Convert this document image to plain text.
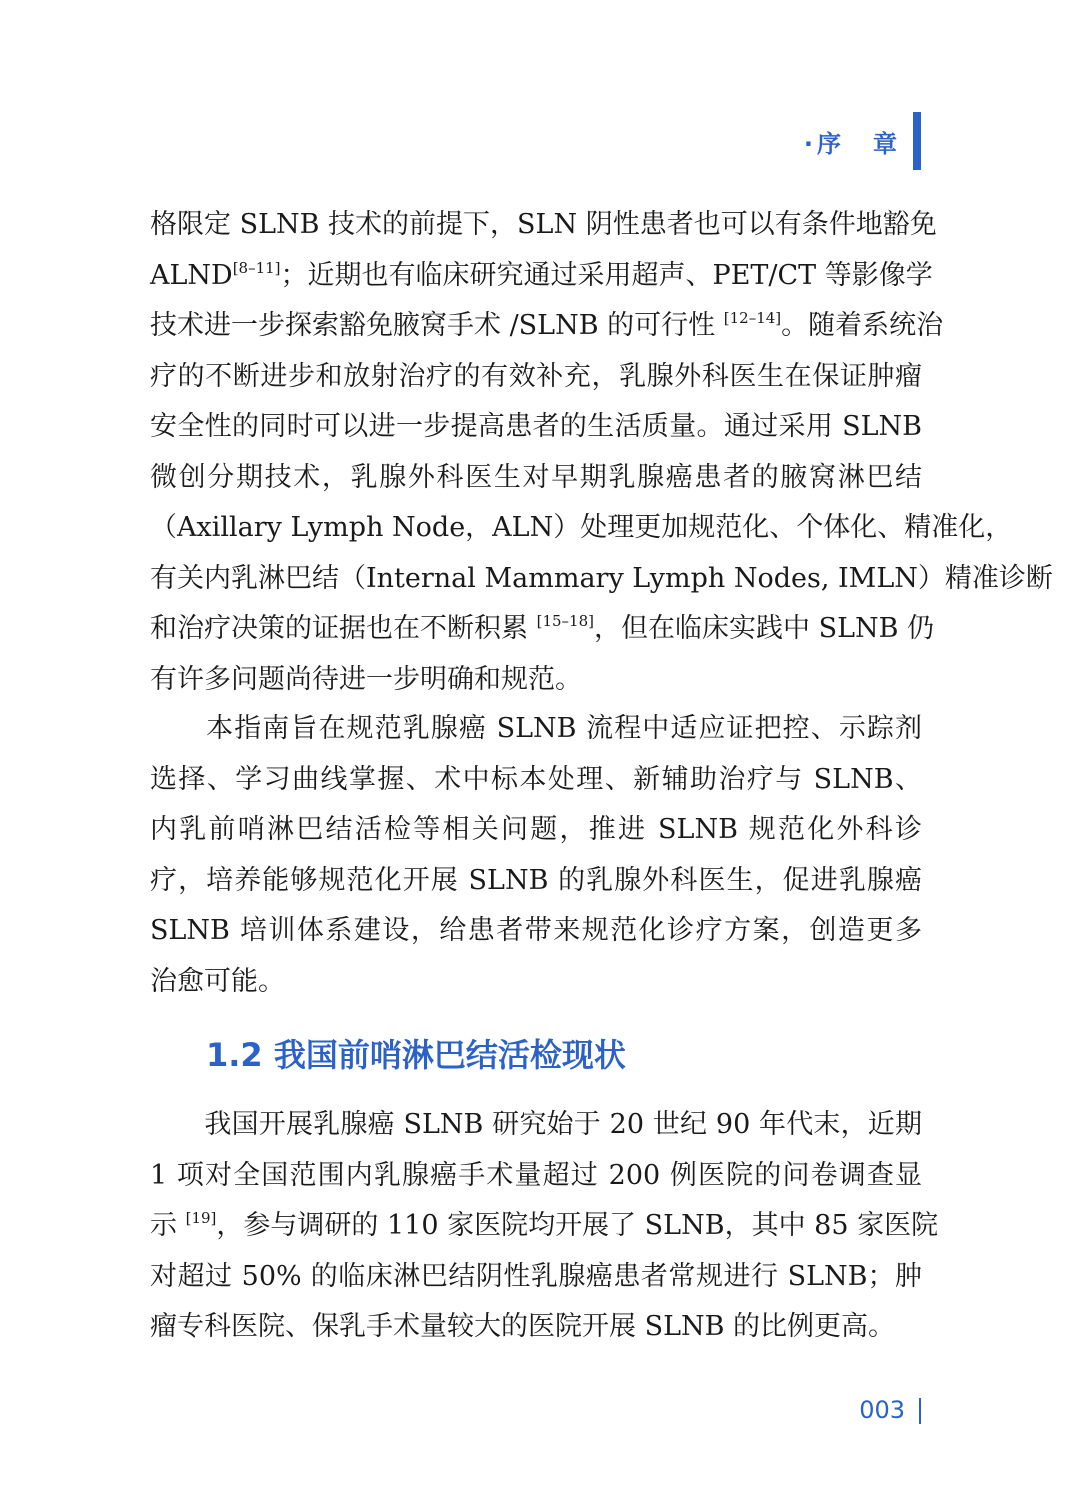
·序　章
格限定 SLNB 技术的前提下，SLN 阴性患者也可以有条件地豁免
ALND[8–11]；近期也有临床研究通过采用超声、PET/CT 等影像学
技术进一步探索豁免腋窝手术 /SLNB 的可行性 [12–14]。随着系统治
疗的不断进步和放射治疗的有效补充，乳腺外科医生在保证肿瘤
安全性的同时可以进一步提高患者的生活质量。通过采用 SLNB
微创分期技术，乳腺外科医生对早期乳腺癌患者的腋窝淋巴结
（Axillary Lymph Node，ALN）处理更加规范化、个体化、精准化，
有关内乳淋巴结（Internal Mammary Lymph Nodes, IMLN）精准诊断
和治疗决策的证据也在不断积累 [15–18]，但在临床实践中 SLNB 仍
有许多问题尚待进一步明确和规范。
　　本指南旨在规范乳腺癌 SLNB 流程中适应证把控、示踪剂
选择、学习曲线掌握、术中标本处理、新辅助治疗与 SLNB、
内乳前哨淋巴结活检等相关问题，推进 SLNB 规范化外科诊
疗，培养能够规范化开展 SLNB 的乳腺外科医生，促进乳腺癌
SLNB 培训体系建设，给患者带来规范化诊疗方案，创造更多
治愈可能。
1.2 我国前哨淋巴结活检现状
　　我国开展乳腺癌 SLNB 研究始于 20 世纪 90 年代末，近期
1 项对全国范围内乳腺癌手术量超过 200 例医院的问卷调查显
示 [19]，参与调研的 110 家医院均开展了 SLNB，其中 85 家医院
对超过 50% 的临床淋巴结阴性乳腺癌患者常规进行 SLNB；肿
瘤专科医院、保乳手术量较大的医院开展 SLNB 的比例更高。
003
